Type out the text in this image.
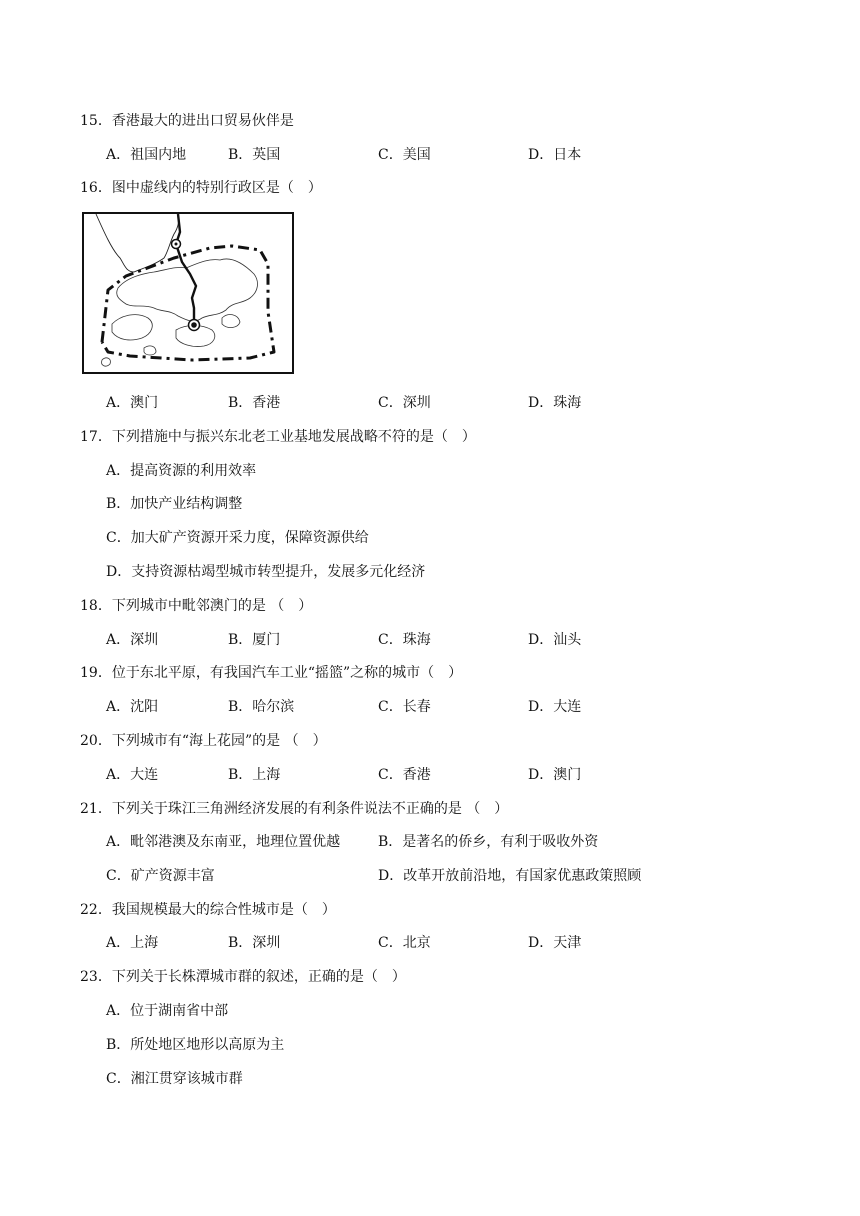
15．香港最大的进出口贸易伙伴是
A．祖国内地	B．英国	C．美国	D．日本
16．图中虚线内的特别行政区是（　）
A．澳门	B．香港	C．深圳	D．珠海
17．下列措施中与振兴东北老工业基地发展战略不符的是（　）
A．提高资源的利用效率
B．加快产业结构调整
C．加大矿产资源开采力度，保障资源供给
D．支持资源枯竭型城市转型提升，发展多元化经济
18．下列城市中毗邻澳门的是 （　）
A．深圳	B．厦门	C．珠海	D．汕头
19．位于东北平原，有我国汽车工业“摇篮”之称的城市（　）
A．沈阳	B．哈尔滨	C．长春	D．大连
20．下列城市有“海上花园”的是 （　）
A．大连	B．上海	C．香港	D．澳门
21．下列关于珠江三角洲经济发展的有利条件说法不正确的是 （　）
A．毗邻港澳及东南亚，地理位置优越	B．是著名的侨乡，有利于吸收外资
C．矿产资源丰富	D．改革开放前沿地，有国家优惠政策照顾
22．我国规模最大的综合性城市是（　）
A．上海	B．深圳	C．北京	D．天津
23．下列关于长株潭城市群的叙述，正确的是（　）
A．位于湖南省中部
B．所处地区地形以高原为主
C．湘江贯穿该城市群
